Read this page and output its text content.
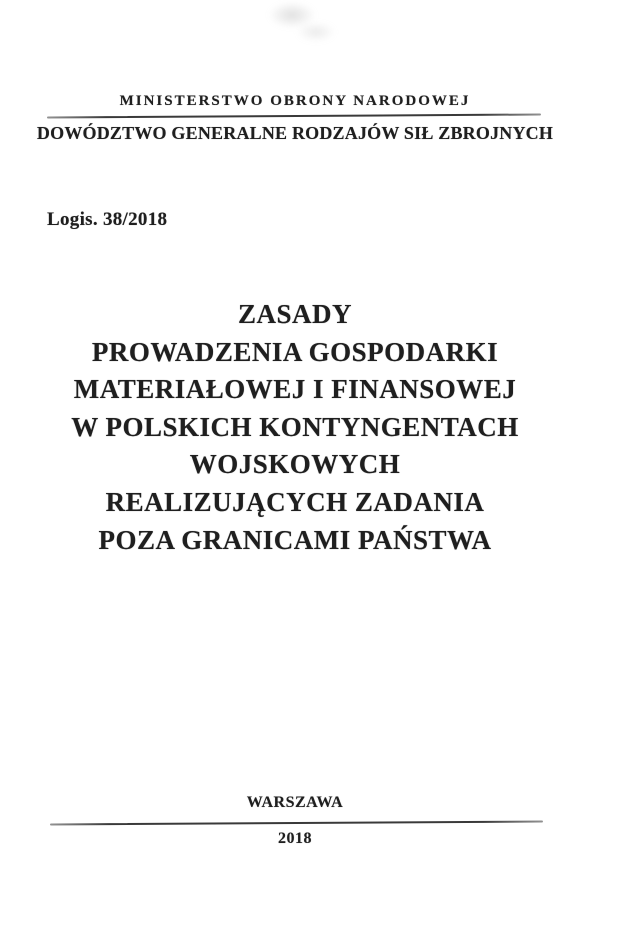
MINISTERSTWO OBRONY NARODOWEJ
DOWÓDZTWO GENERALNE RODZAJÓW SIŁ ZBROJNYCH
Logis. 38/2018
ZASADY
PROWADZENIA GOSPODARKI
MATERIAŁOWEJ I FINANSOWEJ
W POLSKICH KONTYNGENTACH
WOJSKOWYCH
REALIZUJĄCYCH ZADANIA
POZA GRANICAMI PAŃSTWA
WARSZAWA
2018
